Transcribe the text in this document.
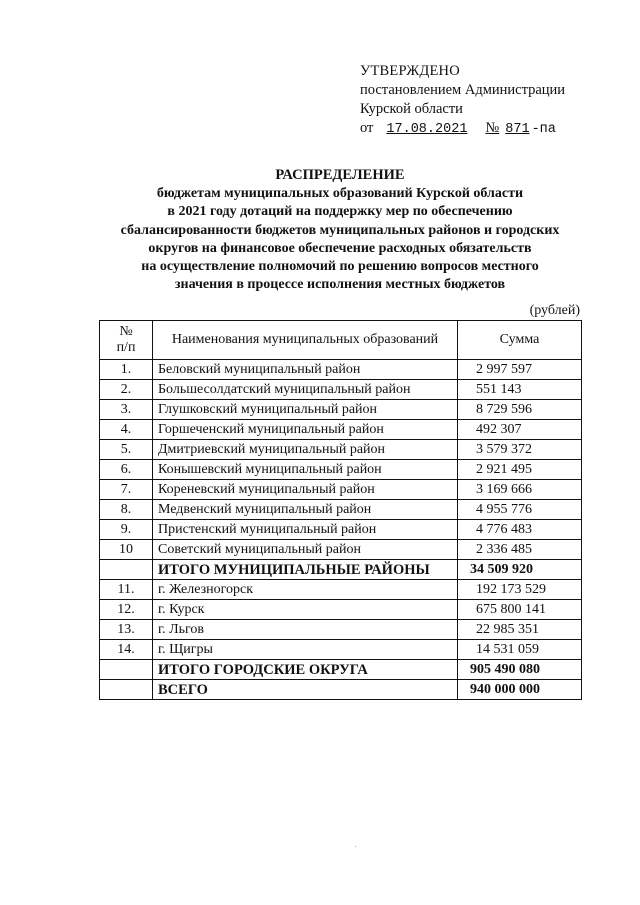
УТВЕРЖДЕНО
постановлением Администрации
Курской области
от 17.08.2021	№ 871 -па
РАСПРЕДЕЛЕНИЕ
бюджетам муниципальных образований Курской области
в 2021 году дотаций на поддержку мер по обеспечению
сбалансированности бюджетов муниципальных районов и городских
округов на финансовое обеспечение расходных обязательств
на осуществление полномочий по решению вопросов местного
значения в процессе исполнения местных бюджетов
(рублей)
№
п/п	Наименования муниципальных образований	Сумма
1.	Беловский муниципальный район	2 997 597
2.	Большесолдатский муниципальный район	551 143
3.	Глушковский муниципальный район	8 729 596
4.	Горшеченский муниципальный район	492 307
5.	Дмитриевский муниципальный район	3 579 372
6.	Конышевский муниципальный район	2 921 495
7.	Кореневский муниципальный район	3 169 666
8.	Медвенский муниципальный район	4 955 776
9.	Пристенский муниципальный район	4 776 483
10	Советский муниципальный район	2 336 485
	ИТОГО МУНИЦИПАЛЬНЫЕ РАЙОНЫ	34 509 920
11.	г. Железногорск	192 173 529
12.	г. Курск	675 800 141
13.	г. Льгов	22 985 351
14.	г. Щигры	14 531 059
	ИТОГО ГОРОДСКИЕ ОКРУГА	905 490 080
	ВСЕГО	940 000 000
